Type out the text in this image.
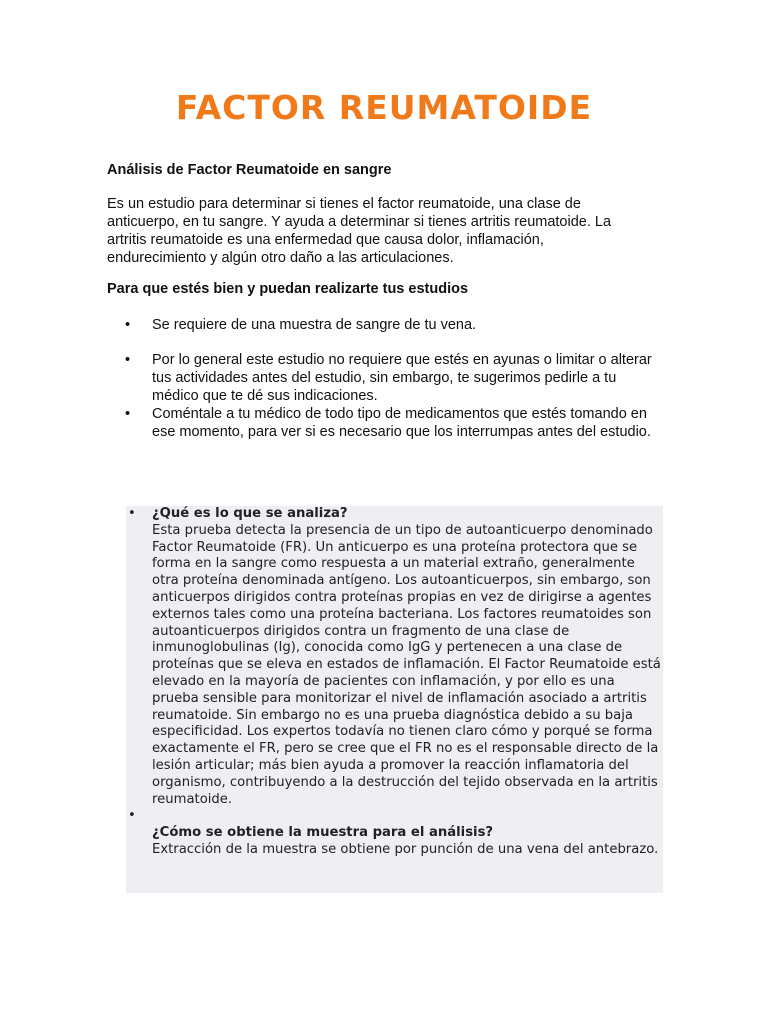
FACTOR REUMATOIDE

Análisis de Factor Reumatoide en sangre

Es un estudio para determinar si tienes el factor reumatoide, una clase de anticuerpo, en tu sangre. Y ayuda a determinar si tienes artritis reumatoide. La artritis reumatoide es una enfermedad que causa dolor, inflamación, endurecimiento y algún otro daño a las articulaciones.

Para que estés bien y puedan realizarte tus estudios

• Se requiere de una muestra de sangre de tu vena.
• Por lo general este estudio no requiere que estés en ayunas o limitar o alterar tus actividades antes del estudio, sin embargo, te sugerimos pedirle a tu médico que te dé sus indicaciones.
• Coméntale a tu médico de todo tipo de medicamentos que estés tomando en ese momento, para ver si es necesario que los interrumpas antes del estudio.
• ¿Qué es lo que se analiza?
Esta prueba detecta la presencia de un tipo de autoanticuerpo denominado Factor Reumatoide (FR). Un anticuerpo es una proteína protectora que se forma en la sangre como respuesta a un material extraño, generalmente otra proteína denominada antígeno. Los autoanticuerpos, sin embargo, son anticuerpos dirigidos contra proteínas propias en vez de dirigirse a agentes externos tales como una proteína bacteriana. Los factores reumatoides son autoanticuerpos dirigidos contra un fragmento de una clase de inmunoglobulinas (Ig), conocida como IgG y pertenecen a una clase de proteínas que se eleva en estados de inflamación. El Factor Reumatoide está elevado en la mayoría de pacientes con inflamación, y por ello es una prueba sensible para monitorizar el nivel de inflamación asociado a artritis reumatoide. Sin embargo no es una prueba diagnóstica debido a su baja especificidad. Los expertos todavía no tienen claro cómo y porqué se forma exactamente el FR, pero se cree que el FR no es el responsable directo de la lesión articular; más bien ayuda a promover la reacción inflamatoria del organismo, contribuyendo a la destrucción del tejido observada en la artritis reumatoide.
•
¿Cómo se obtiene la muestra para el análisis?
Extracción de la muestra se obtiene por punción de una vena del antebrazo.
